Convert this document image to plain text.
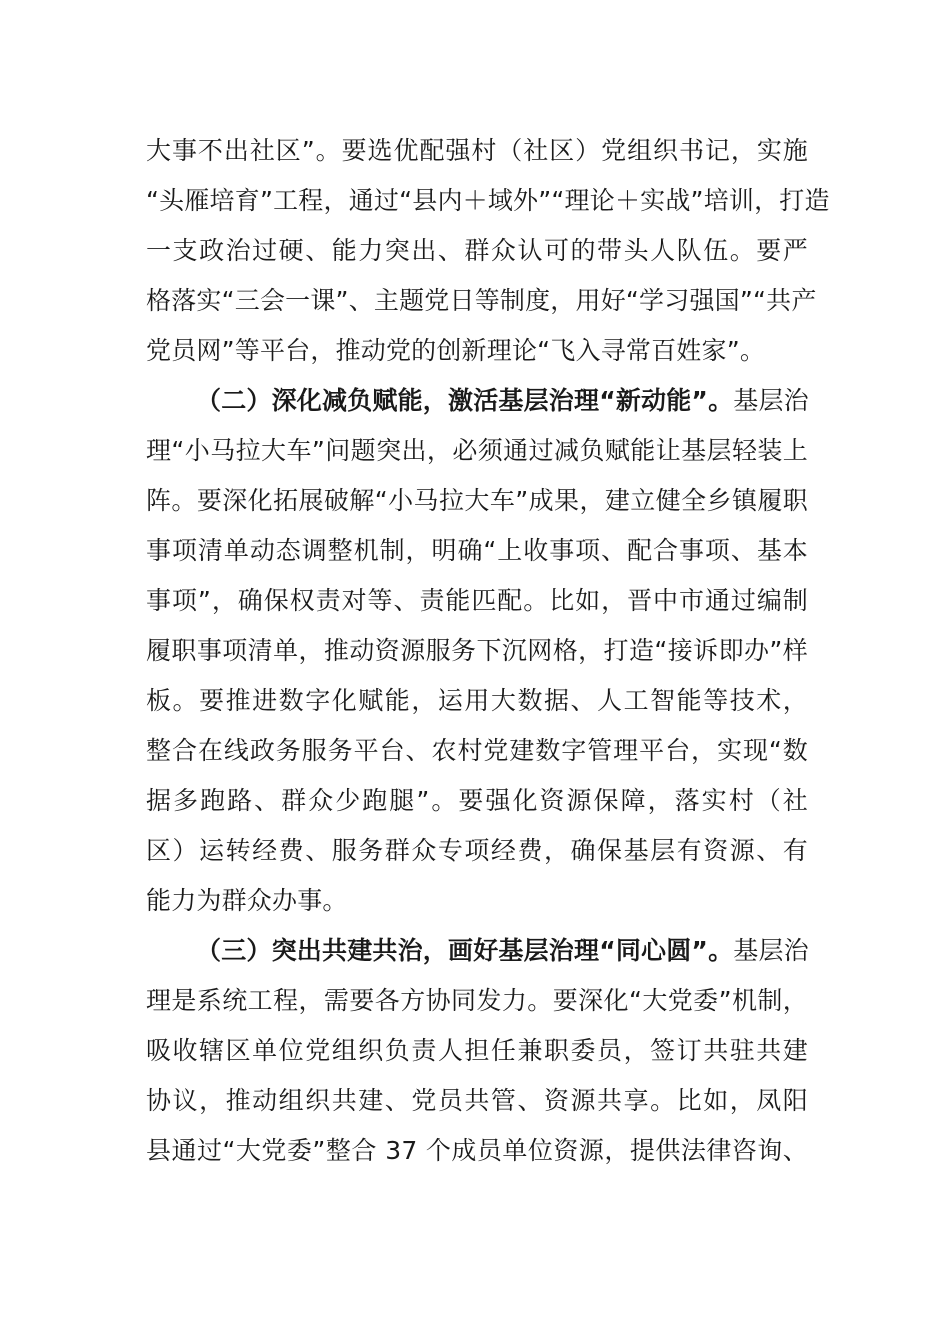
大事不出社区”。要选优配强村（社区）党组织书记，实施
“头雁培育”工程，通过“县内＋域外”“理论＋实战”培训，打造
一支政治过硬、能力突出、群众认可的带头人队伍。要严
格落实“三会一课”、主题党日等制度，用好“学习强国”“共产
党员网”等平台，推动党的创新理论“飞入寻常百姓家”。
（二）深化减负赋能，激活基层治理“新动能”。基层治
理“小马拉大车”问题突出，必须通过减负赋能让基层轻装上
阵。要深化拓展破解“小马拉大车”成果，建立健全乡镇履职
事项清单动态调整机制，明确“上收事项、配合事项、基本
事项”，确保权责对等、责能匹配。比如，晋中市通过编制
履职事项清单，推动资源服务下沉网格，打造“接诉即办”样
板。要推进数字化赋能，运用大数据、人工智能等技术，
整合在线政务服务平台、农村党建数字管理平台，实现“数
据多跑路、群众少跑腿”。要强化资源保障，落实村（社
区）运转经费、服务群众专项经费，确保基层有资源、有
能力为群众办事。
（三）突出共建共治，画好基层治理“同心圆”。基层治
理是系统工程，需要各方协同发力。要深化“大党委”机制，
吸收辖区单位党组织负责人担任兼职委员，签订共驻共建
协议，推动组织共建、党员共管、资源共享。比如，凤阳
县通过“大党委”整合 37 个成员单位资源，提供法律咨询、
